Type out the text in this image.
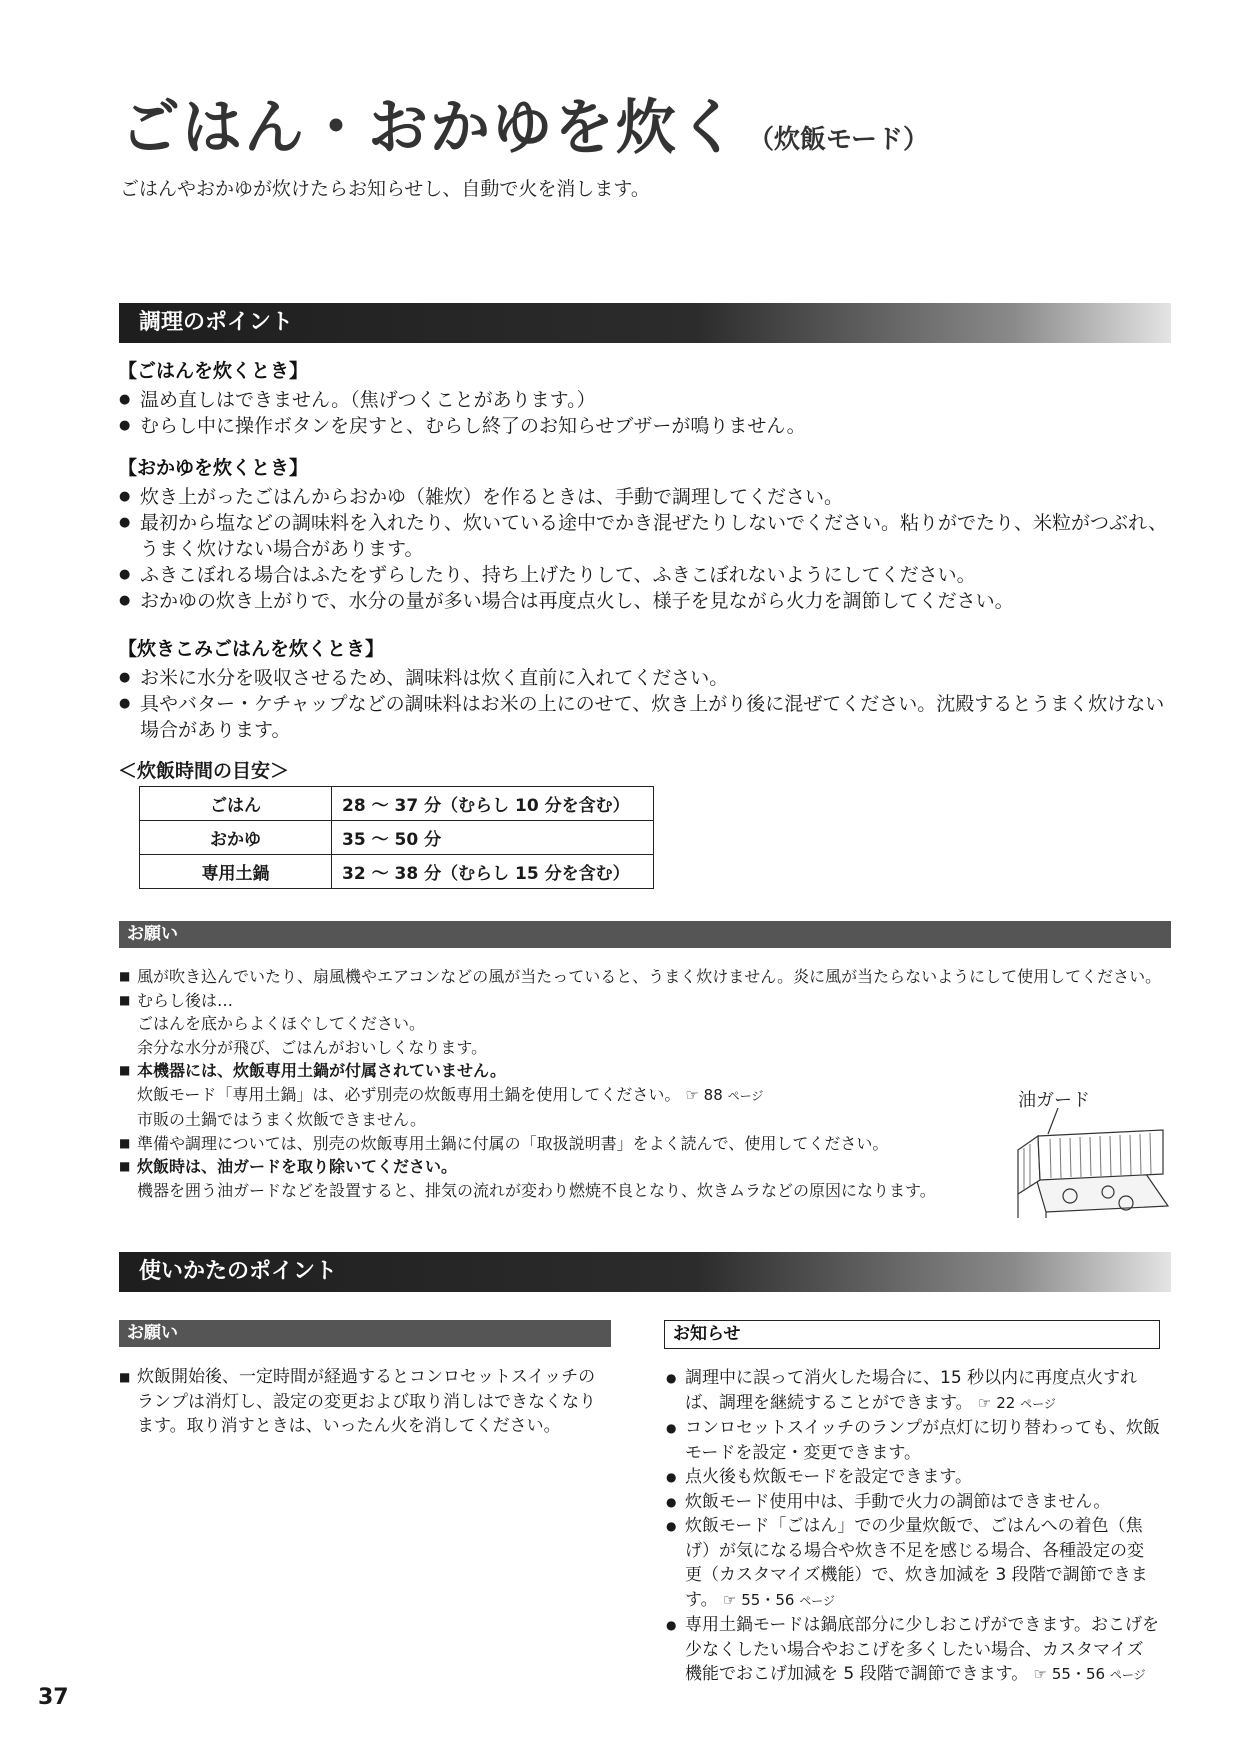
ごはん・おかゆを炊く （炊飯モード）
ごはんやおかゆが炊けたらお知らせし、自動で火を消します。
調理のポイント
【ごはんを炊くとき】
● 温め直しはできません。（焦げつくことがあります。）
● むらし中に操作ボタンを戻すと、むらし終了のお知らせブザーが鳴りません。
【おかゆを炊くとき】
● 炊き上がったごはんからおかゆ（雑炊）を作るときは、手動で調理してください。
● 最初から塩などの調味料を入れたり、炊いている途中でかき混ぜたりしないでください。粘りがでたり、米粒がつぶれ、うまく炊けない場合があります。
● ふきこぼれる場合はふたをずらしたり、持ち上げたりして、ふきこぼれないようにしてください。
● おかゆの炊き上がりで、水分の量が多い場合は再度点火し、様子を見ながら火力を調節してください。
【炊きこみごはんを炊くとき】
● お米に水分を吸収させるため、調味料は炊く直前に入れてください。
● 具やバター・ケチャップなどの調味料はお米の上にのせて、炊き上がり後に混ぜてください。沈殿するとうまく炊けない場合があります。
＜炊飯時間の目安＞
ごはん	28 ～ 37 分（むらし 10 分を含む）
おかゆ	35 ～ 50 分
専用土鍋	32 ～ 38 分（むらし 15 分を含む）
お願い
■ 風が吹き込んでいたり、扇風機やエアコンなどの風が当たっていると、うまく炊けません。炎に風が当たらないようにして使用してください。
■ むらし後は…
ごはんを底からよくほぐしてください。
余分な水分が飛び、ごはんがおいしくなります。
■ 本機器には、炊飯専用土鍋が付属されていません。
炊飯モード「専用土鍋」は、必ず別売の炊飯専用土鍋を使用してください。 ☞ 88 ページ
市販の土鍋ではうまく炊飯できません。
■ 準備や調理については、別売の炊飯専用土鍋に付属の「取扱説明書」をよく読んで、使用してください。
■ 炊飯時は、油ガードを取り除いてください。
機器を囲う油ガードなどを設置すると、排気の流れが変わり燃焼不良となり、炊きムラなどの原因になります。
油ガード
使いかたのポイント
お願い
■ 炊飯開始後、一定時間が経過するとコンロセットスイッチのランプは消灯し、設定の変更および取り消しはできなくなります。取り消すときは、いったん火を消してください。
お知らせ
● 調理中に誤って消火した場合に、15 秒以内に再度点火すれば、調理を継続することができます。 ☞ 22 ページ
● コンロセットスイッチのランプが点灯に切り替わっても、炊飯モードを設定・変更できます。
● 点火後も炊飯モードを設定できます。
● 炊飯モード使用中は、手動で火力の調節はできません。
● 炊飯モード「ごはん」での少量炊飯で、ごはんへの着色（焦げ）が気になる場合や炊き不足を感じる場合、各種設定の変更（カスタマイズ機能）で、炊き加減を 3 段階で調節できます。 ☞ 55・56 ページ
● 専用土鍋モードは鍋底部分に少しおこげができます。おこげを少なくしたい場合やおこげを多くしたい場合、カスタマイズ機能でおこげ加減を 5 段階で調節できます。 ☞ 55・56 ページ
37
